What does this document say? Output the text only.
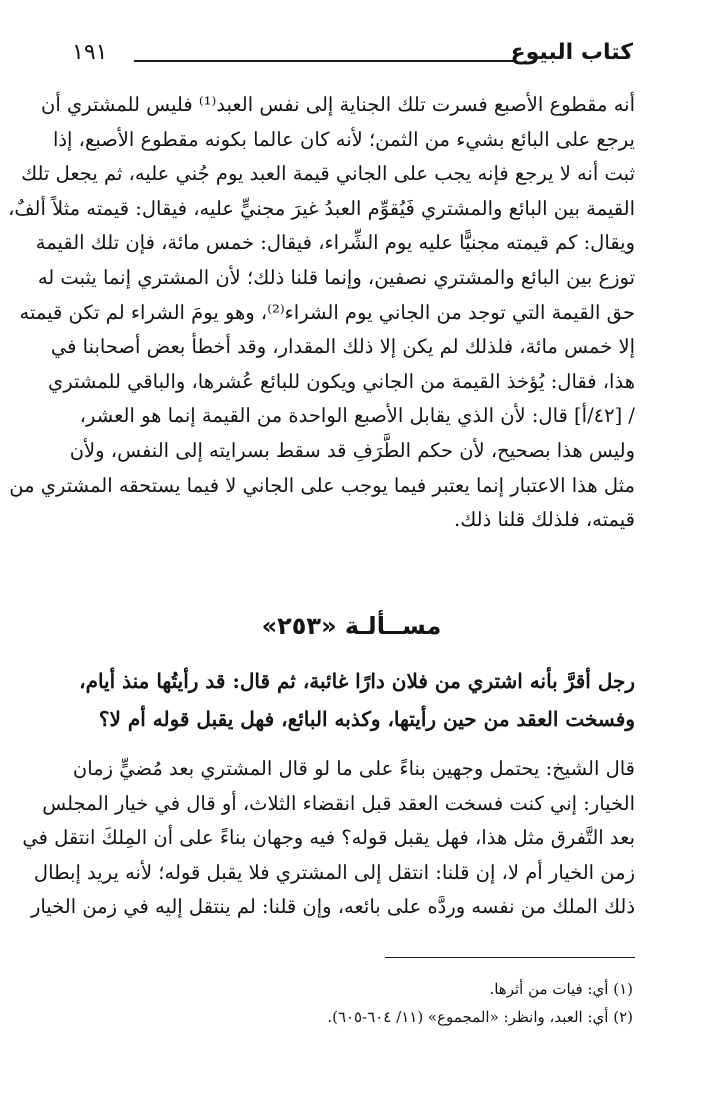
كتاب البيوع
١٩١
أنه مقطوع الأصبع فسرت تلك الجناية إلى نفس العبد⁽¹⁾ فليس للمشتري أن
يرجع على البائع بشيء من الثمن؛ لأنه كان عالما بكونه مقطوع الأصبع، إذا
ثبت أنه لا يرجع فإنه يجب على الجاني قيمة العبد يوم جُني عليه، ثم يجعل تلك
القيمة بين البائع والمشتري فَيُقوِّم العبدُ غيرَ مجنيٍّ عليه، فيقال: قيمته مثلاً ألفٌ،
ويقال: كم قيمته مجنيًّا عليه يوم الشِّراء، فيقال: خمس مائة، فإن تلك القيمة
توزع بين البائع والمشتري نصفين، وإنما قلنا ذلك؛ لأن المشتري إنما يثبت له
حق القيمة التي توجد من الجاني يوم الشراء⁽²⁾، وهو يومَ الشراء لم تكن قيمته
إلا خمس مائة، فلذلك لم يكن إلا ذلك المقدار، وقد أخطأ بعض أصحابنا في
هذا، فقال: يُؤخذ القيمة من الجاني ويكون للبائع عُشرها، والباقي للمشتري
/ [٤٢/أ] قال: لأن الذي يقابل الأصبع الواحدة من القيمة إنما هو العشر،
وليس هذا بصحيح، لأن حكم الطَّرَفِ قد سقط بسرايته إلى النفس، ولأن
مثل هذا الاعتبار إنما يعتبر فيما يوجب على الجاني لا فيما يستحقه المشتري من
قيمته، فلذلك قلنا ذلك.
مســألـة «٢٥٣»
رجل أقرَّ بأنه اشتري من فلان دارًا غائبة، ثم قال: قد رأيتُها منذ أيام،
وفسخت العقد من حين رأيتها، وكذبه البائع، فهل يقبل قوله أم لا؟
قال الشيخ: يحتمل وجهين بناءً على ما لو قال المشتري بعد مُضيٍّ زمان
الخيار: إني كنت فسخت العقد قبل انقضاء الثلاث، أو قال في خيار المجلس
بعد التَّفرق مثل هذا، فهل يقبل قوله؟ فيه وجهان بناءً على أن المِلكَ انتقل في
زمن الخيار أم لا، إن قلنا: انتقل إلى المشتري فلا يقبل قوله؛ لأنه يريد إبطال
ذلك الملك من نفسه وردَّه على بائعه، وإن قلنا: لم ينتقل إليه في زمن الخيار
(١) أي: فيات من أثرها.
(٢) أي: العبد، وانظر: «المجموع» (١١/ ٦٠٤-٦٠٥).
